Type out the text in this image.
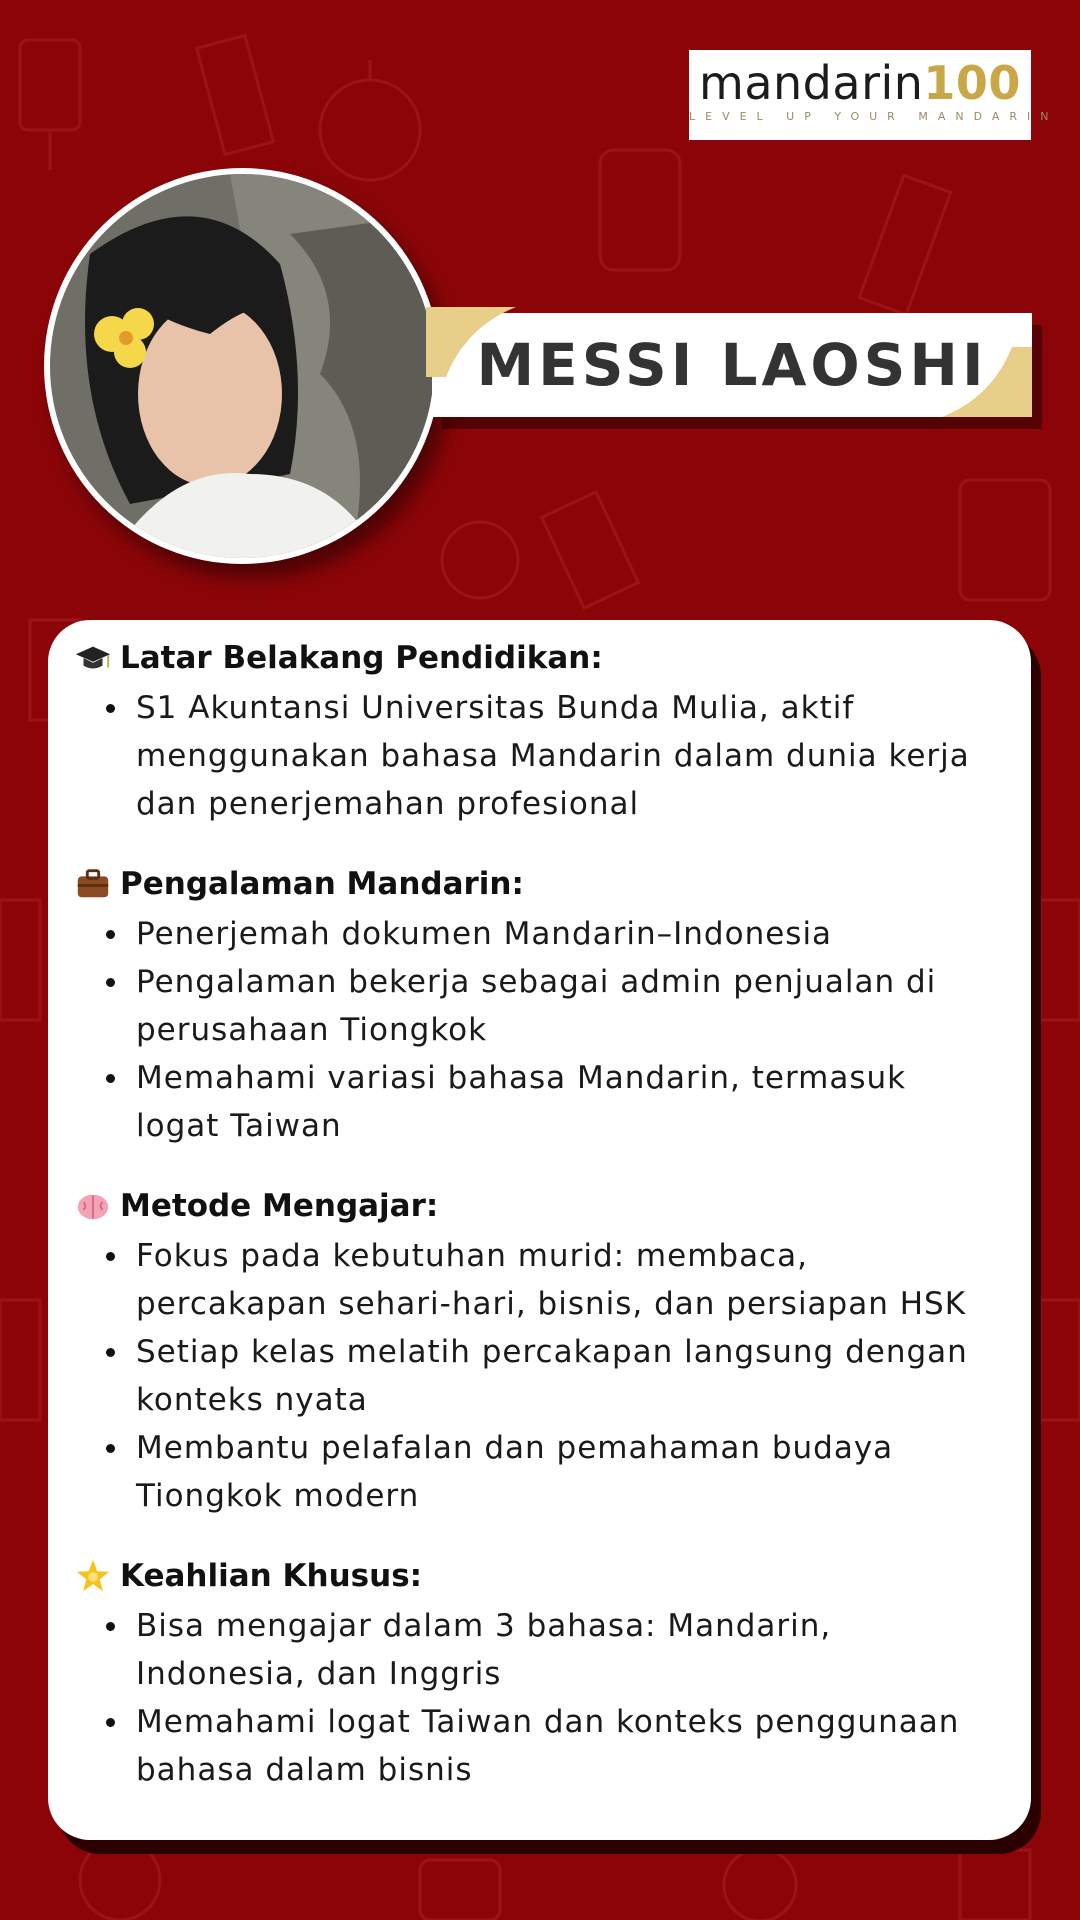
mandarin100
LEVEL UP YOUR MANDARIN
MESSI LAOSHI
Latar Belakang Pendidikan:
S1 Akuntansi Universitas Bunda Mulia, aktif menggunakan bahasa Mandarin dalam dunia kerja dan penerjemahan profesional
Pengalaman Mandarin:
Penerjemah dokumen Mandarin–Indonesia
Pengalaman bekerja sebagai admin penjualan di perusahaan Tiongkok
Memahami variasi bahasa Mandarin, termasuk logat Taiwan
Metode Mengajar:
Fokus pada kebutuhan murid: membaca, percakapan sehari-hari, bisnis, dan persiapan HSK
Setiap kelas melatih percakapan langsung dengan konteks nyata
Membantu pelafalan dan pemahaman budaya Tiongkok modern
Keahlian Khusus:
Bisa mengajar dalam 3 bahasa: Mandarin, Indonesia, dan Inggris
Memahami logat Taiwan dan konteks penggunaan bahasa dalam bisnis
